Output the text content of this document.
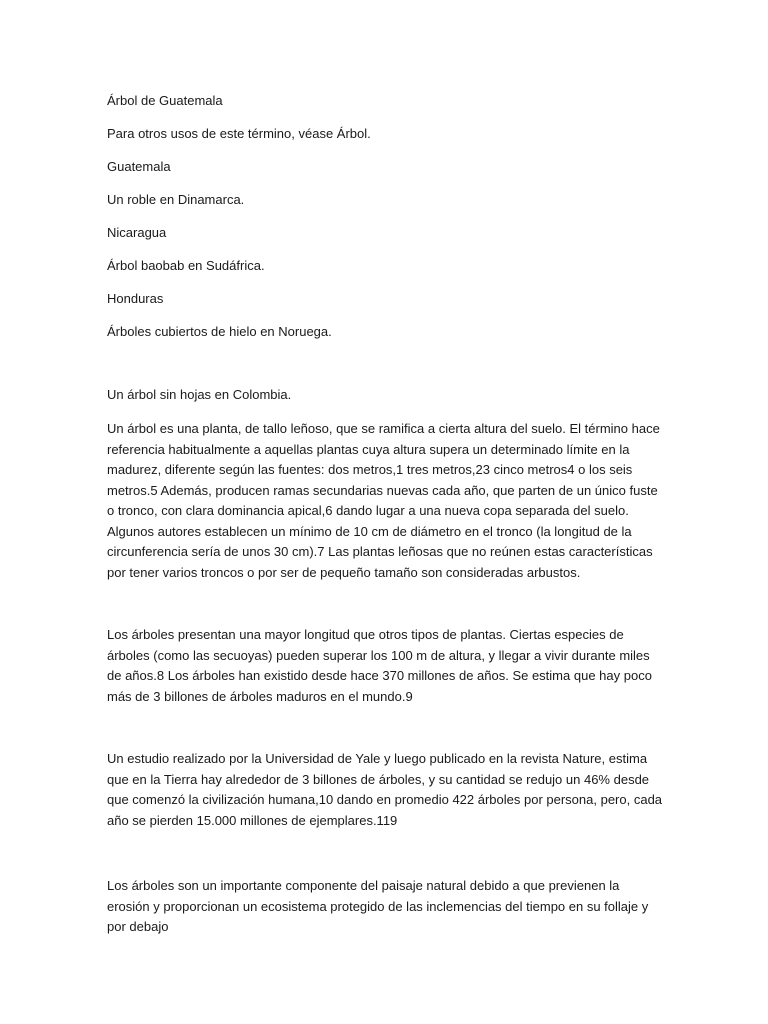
Árbol de Guatemala

Para otros usos de este término, véase Árbol.

Guatemala

Un roble en Dinamarca.

Nicaragua

Árbol baobab en Sudáfrica.

Honduras

Árboles cubiertos de hielo en Noruega.

Un árbol sin hojas en Colombia.

Un árbol es una planta, de tallo leñoso, que se ramifica a cierta altura del suelo. El término hace referencia habitualmente a aquellas plantas cuya altura supera un determinado límite en la madurez, diferente según las fuentes: dos metros,1 tres metros,23 cinco metros4 o los seis metros.5 Además, producen ramas secundarias nuevas cada año, que parten de un único fuste o tronco, con clara dominancia apical,6 dando lugar a una nueva copa separada del suelo. Algunos autores establecen un mínimo de 10 cm de diámetro en el tronco (la longitud de la circunferencia sería de unos 30 cm).7 Las plantas leñosas que no reúnen estas características por tener varios troncos o por ser de pequeño tamaño son consideradas arbustos.

Los árboles presentan una mayor longitud que otros tipos de plantas. Ciertas especies de árboles (como las secuoyas) pueden superar los 100 m de altura, y llegar a vivir durante miles de años.8 Los árboles han existido desde hace 370 millones de años. Se estima que hay poco más de 3 billones de árboles maduros en el mundo.9

Un estudio realizado por la Universidad de Yale y luego publicado en la revista Nature, estima que en la Tierra hay alrededor de 3 billones de árboles, y su cantidad se redujo un 46% desde que comenzó la civilización humana,10 dando en promedio 422 árboles por persona, pero, cada año se pierden 15.000 millones de ejemplares.119

Los árboles son un importante componente del paisaje natural debido a que previenen la erosión y proporcionan un ecosistema protegido de las inclemencias del tiempo en su follaje y por debajo
